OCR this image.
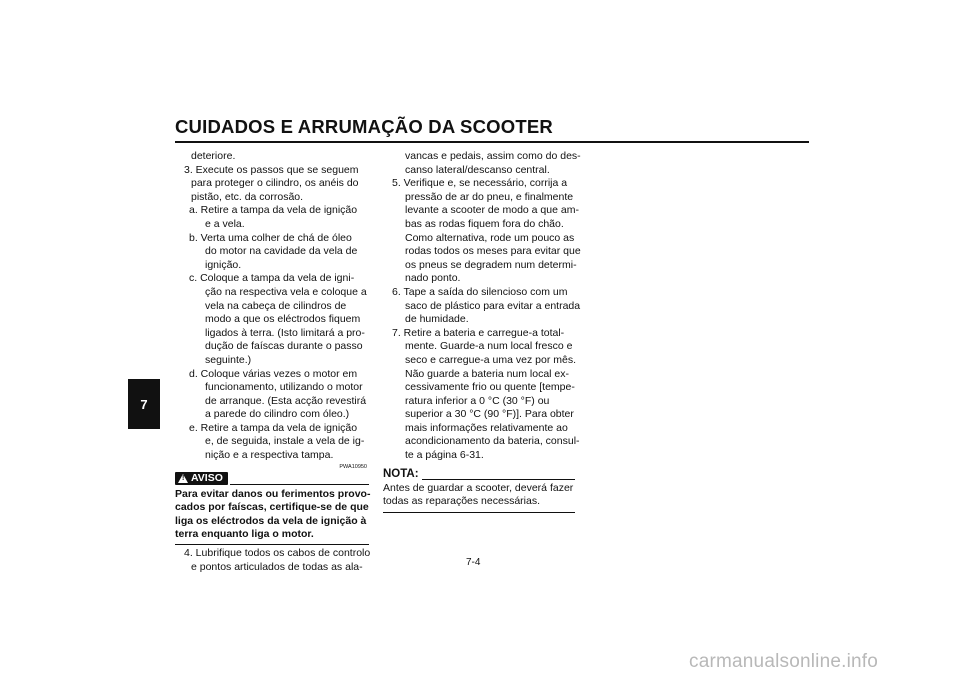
CUIDADOS E ARRUMAÇÃO DA SCOOTER
7
deteriore.
3. Execute os passos que se seguem
para proteger o cilindro, os anéis do
pistão, etc. da corrosão.
a. Retire a tampa da vela de ignição
e a vela.
b. Verta uma colher de chá de óleo
do motor na cavidade da vela de
ignição.
c. Coloque a tampa da vela de igni-
ção na respectiva vela e coloque a
vela na cabeça de cilindros de
modo a que os eléctrodos fiquem
ligados à terra. (Isto limitará a pro-
dução de faíscas durante o passo
seguinte.)
d. Coloque várias vezes o motor em
funcionamento, utilizando o motor
de arranque. (Esta acção revestirá
a parede do cilindro com óleo.)
e. Retire a tampa da vela de ignição
e, de seguida, instale a vela de ig-
nição e a respectiva tampa.
PWA10950
! AVISO
Para evitar danos ou ferimentos provo-
cados por faíscas, certifique-se de que
liga os eléctrodos da vela de ignição à
terra enquanto liga o motor.
4. Lubrifique todos os cabos de controlo
e pontos articulados de todas as ala-
vancas e pedais, assim como do des-
canso lateral/descanso central.
5. Verifique e, se necessário, corrija a
pressão de ar do pneu, e finalmente
levante a scooter de modo a que am-
bas as rodas fiquem fora do chão.
Como alternativa, rode um pouco as
rodas todos os meses para evitar que
os pneus se degradem num determi-
nado ponto.
6. Tape a saída do silencioso com um
saco de plástico para evitar a entrada
de humidade.
7. Retire a bateria e carregue-a total-
mente. Guarde-a num local fresco e
seco e carregue-a uma vez por mês.
Não guarde a bateria num local ex-
cessivamente frio ou quente [tempe-
ratura inferior a 0 °C (30 °F) ou
superior a 30 °C (90 °F)]. Para obter
mais informações relativamente ao
acondicionamento da bateria, consul-
te a página 6-31.
NOTA:
Antes de guardar a scooter, deverá fazer
todas as reparações necessárias.
7-4
carmanualsonline.info
